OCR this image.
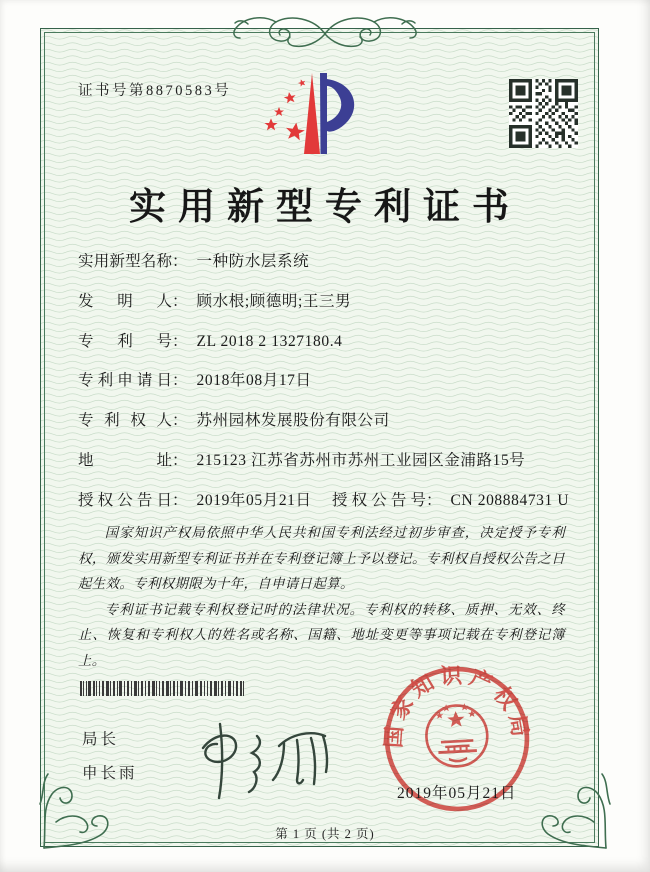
证书号第8870583号
实用新型专利证书
实用新型名称： 一种防水层系统
发明人： 顾水根;顾德明;王三男
专利号： ZL 2018 2 1327180.4
专利申请日： 2018年08月17日
专利权人： 苏州园林发展股份有限公司
地址： 215123 江苏省苏州市苏州工业园区金浦路15号
授权公告日： 2019年05月21日 授权公告号： CN 208884731 U

国家知识产权局依照中华人民共和国专利法经过初步审查，决定授予专利权，颁发实用新型专利证书并在专利登记簿上予以登记。专利权自授权公告之日起生效。专利权期限为十年，自申请日起算。

专利证书记载专利权登记时的法律状况。专利权的转移、质押、无效、终止、恢复和专利权人的姓名或名称、国籍、地址变更等事项记载在专利登记簿上。

局长
申长雨
国家知识产权局
2019年05月21日
第 1 页 (共 2 页)
